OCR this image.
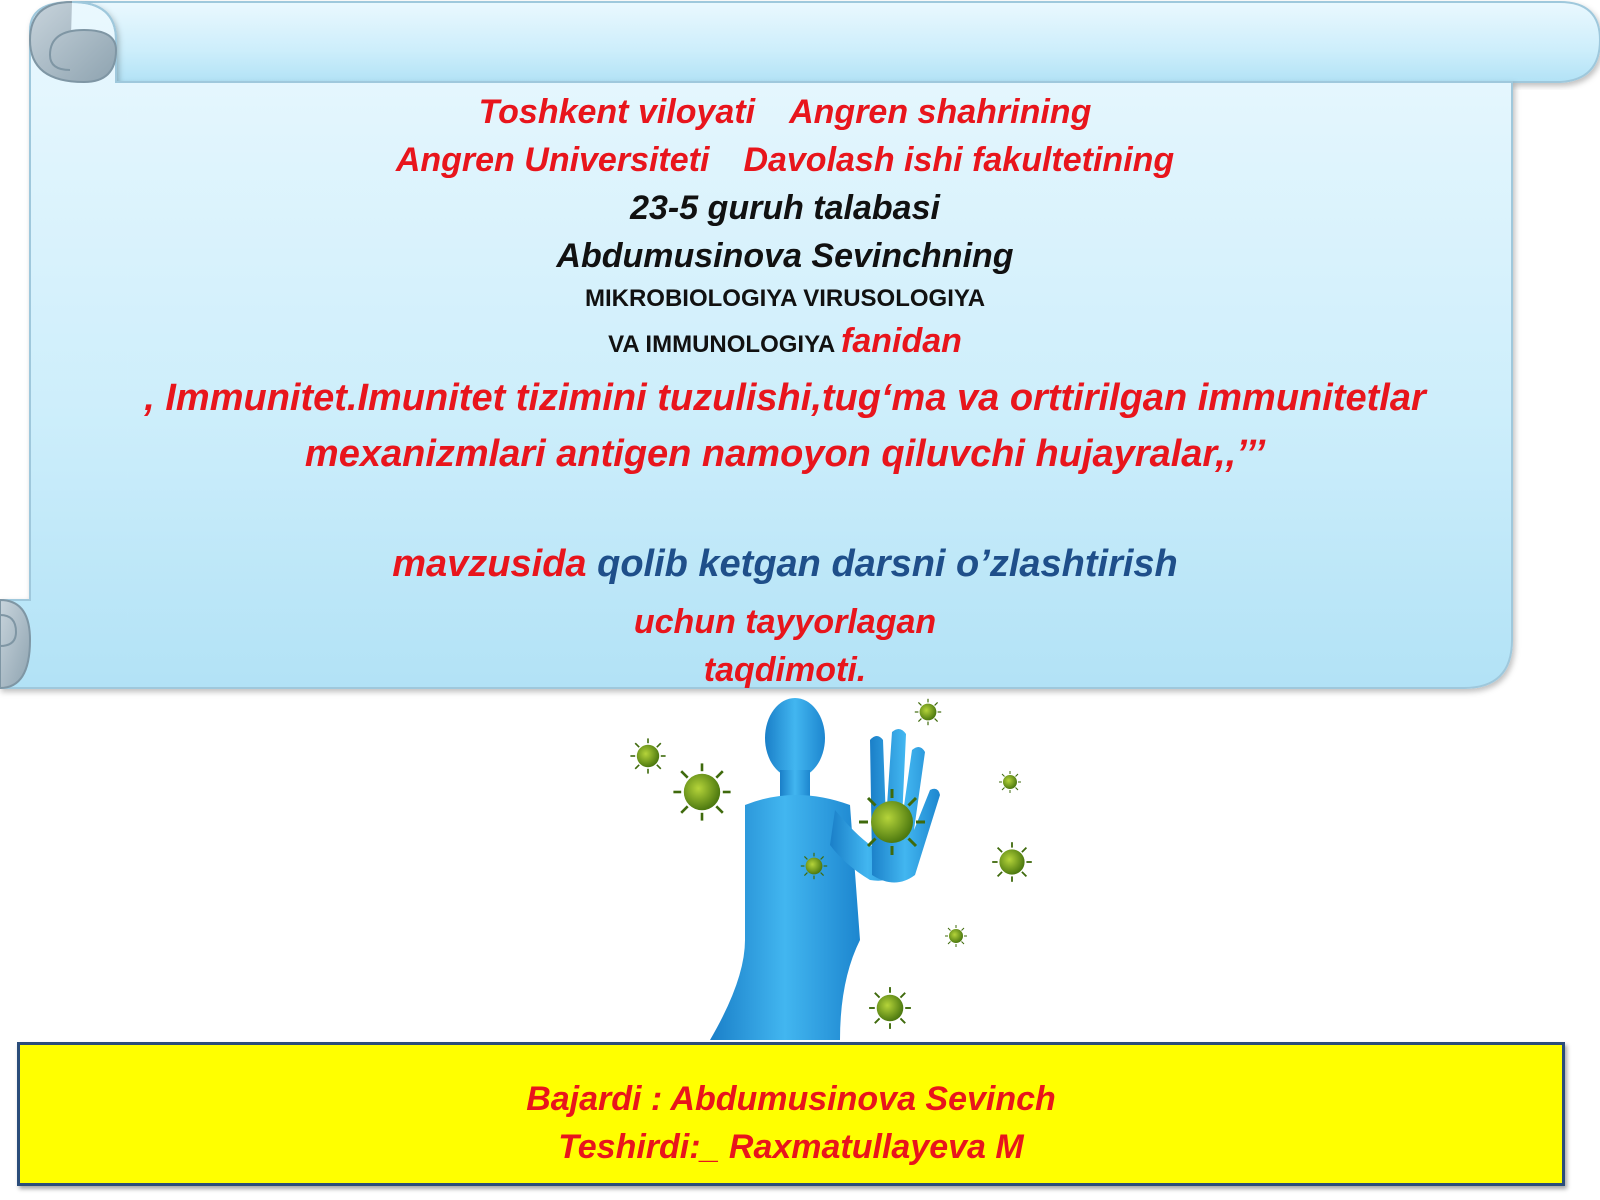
Toshkent viloyati Angren shahrining
Angren Universiteti Davolash ishi fakultetining
23-5 guruh talabasi
Abdumusinova Sevinchning
MIKROBIOLOGIYA VIRUSOLOGIYA
VA IMMUNOLOGIYA fanidan
, Immunitet.Imunitet tizimini tuzulishi,tug‘ma va orttirilgan immunitetlar
mexanizmlari antigen namoyon qiluvchi hujayralar,,’’’
mavzusida qolib ketgan darsni o’zlashtirish
uchun tayyorlagan
taqdimoti.
Bajardi : Abdumusinova Sevinch
Teshirdi:_ Raxmatullayeva M
